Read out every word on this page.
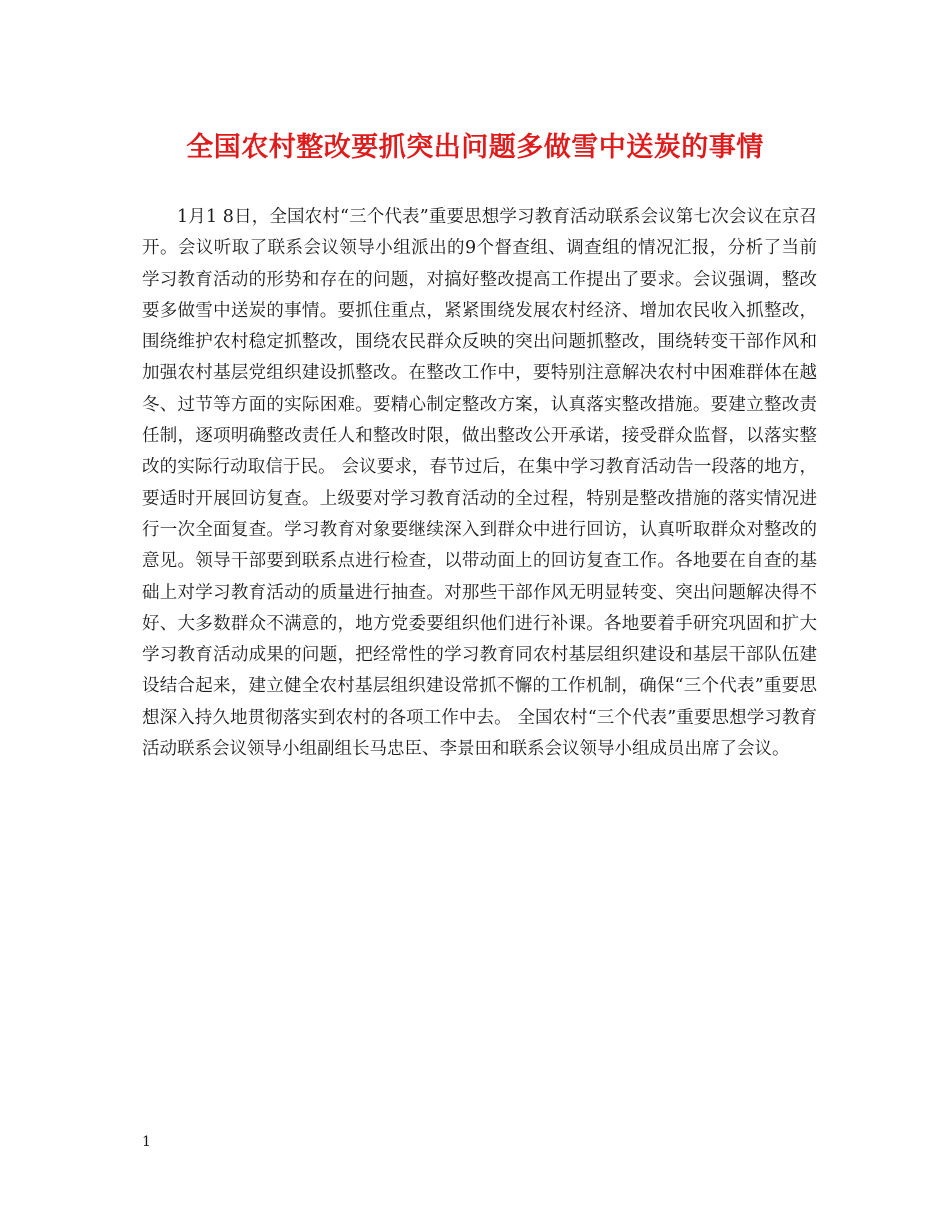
全国农村整改要抓突出问题多做雪中送炭的事情

1月1 8日，全国农村“三个代表”重要思想学习教育活动联系会议第七次会议在京召开。会议听取了联系会议领导小组派出的9个督查组、调查组的情况汇报，分析了当前学习教育活动的形势和存在的问题，对搞好整改提高工作提出了要求。会议强调，整改要多做雪中送炭的事情。要抓住重点，紧紧围绕发展农村经济、增加农民收入抓整改，围绕维护农村稳定抓整改，围绕农民群众反映的突出问题抓整改，围绕转变干部作风和加强农村基层党组织建设抓整改。在整改工作中，要特别注意解决农村中困难群体在越冬、过节等方面的实际困难。要精心制定整改方案，认真落实整改措施。要建立整改责任制，逐项明确整改责任人和整改时限，做出整改公开承诺，接受群众监督，以落实整改的实际行动取信于民。 会议要求，春节过后，在集中学习教育活动告一段落的地方，要适时开展回访复查。上级要对学习教育活动的全过程，特别是整改措施的落实情况进行一次全面复查。学习教育对象要继续深入到群众中进行回访，认真听取群众对整改的意见。领导干部要到联系点进行检查，以带动面上的回访复查工作。各地要在自查的基础上对学习教育活动的质量进行抽查。对那些干部作风无明显转变、突出问题解决得不好、大多数群众不满意的，地方党委要组织他们进行补课。各地要着手研究巩固和扩大学习教育活动成果的问题，把经常性的学习教育同农村基层组织建设和基层干部队伍建设结合起来，建立健全农村基层组织建设常抓不懈的工作机制，确保“三个代表”重要思想深入持久地贯彻落实到农村的各项工作中去。 全国农村“三个代表”重要思想学习教育活动联系会议领导小组副组长马忠臣、李景田和联系会议领导小组成员出席了会议。

1
